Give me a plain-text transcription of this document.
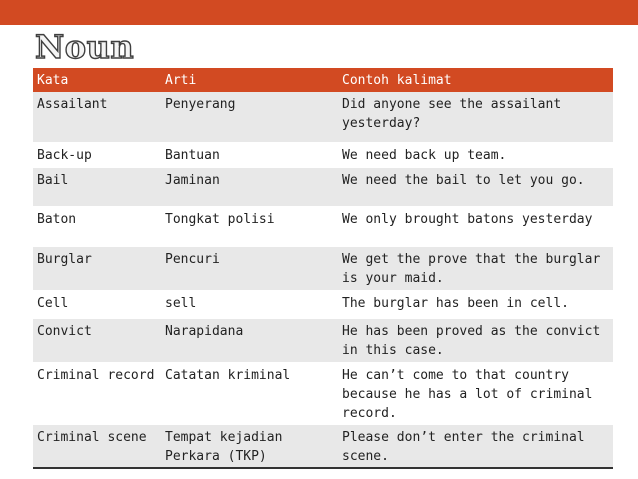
Noun
Kata	Arti	Contoh kalimat
Assailant	Penyerang	Did anyone see the assailant yesterday?
Back-up	Bantuan	We need back up team.
Bail	Jaminan	We need the bail to let you go.
Baton	Tongkat polisi	We only brought batons yesterday
Burglar	Pencuri	We get the prove that the burglar is your maid.
Cell	sell	The burglar has been in cell.
Convict	Narapidana	He has been proved as the convict in this case.
Criminal record	Catatan kriminal	He can’t come to that country because he has a lot of criminal record.
Criminal scene	Tempat kejadian Perkara (TKP)	Please don’t enter the criminal scene.
